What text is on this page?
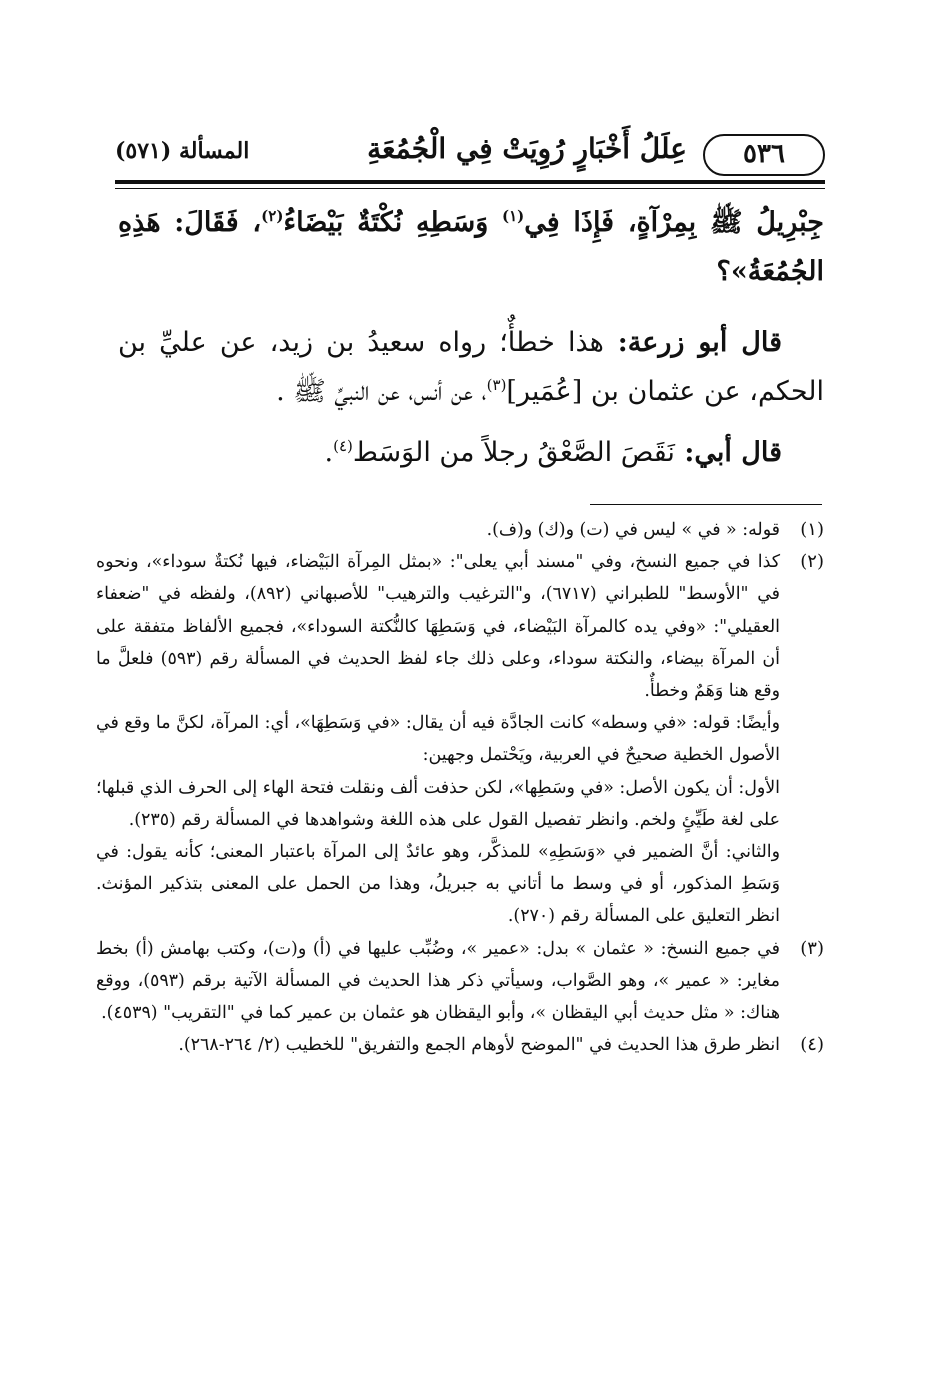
٥٣٦
عِلَلُ أَخْبَارٍ رُوِيَتْ فِي الْجُمُعَةِ
المسألة (٥٧١)

جِبْرِيلُ ﷺ بِمِرْآةٍ، فَإِذَا فِي$^{(١)}$ وَسَطِهِ نُكْتَةٌ بَيْضَاءُ$^{(٢)}$، فَقَالَ: هَذِهِ الجُمُعَةُ»؟

قال أبو زرعة: هذا خطأٌ؛ رواه سعيدُ بن زيد، عن عليِّ بن الحكم، عن عثمان بن [عُمَير]$^{(٣)}$، عن أنس، عن النبيِّ ﷺ .

قال أبي: نَقَصَ الصَّعْقُ رجلاً من الوَسَط$^{(٤)}$.

(١)

قوله: « في » ليس في (ت) و(ك) و(ف).

(٢)

كذا في جميع النسخ، وفي "مسند أبي يعلى": «بمثل المِرآة البَيْضاء، فيها نُكتةٌ سوداء»، ونحوه في "الأوسط" للطبراني (٦٧١٧)، و"الترغيب والترهيب" للأصبهاني (٨٩٢)، ولفظه في "ضعفاء العقيلي": «وفي يده كالمرآة البَيْضاء، في وَسَطِهَا كالنُّكتة السوداء»، فجميع الألفاظ متفقة على أن المرآة بيضاء، والنكتة سوداء، وعلى ذلك جاء لفظ الحديث في المسألة رقم (٥٩٣) فلعلَّ ما وقع هنا وَهَمٌ وخطأٌ.

وأيضًا: قوله: «في وسطه» كانت الجادَّة فيه أن يقال: «في وَسَطِهَا»، أي: المرآة، لكنَّ ما وقع في الأصول الخطية صحيحٌ في العربية، ويَحْتمل وجهين:

الأول: أن يكون الأصل: «في وسَطِها»، لكن حذفت ألف ونقلت فتحة الهاء إلى الحرف الذي قبلها؛ على لغة طَيِّئٍ ولخم. وانظر تفصيل القول على هذه اللغة وشواهدها في المسألة رقم (٢٣٥).

والثاني: أنَّ الضمير في «وَسَطِهِ» للمذكَّر، وهو عائدٌ إلى المرآة باعتبار المعنى؛ كأنه يقول: في وَسَطِ المذكور، أو في وسط ما أتاني به جبريلُ، وهذا من الحمل على المعنى بتذكير المؤنث. انظر التعليق على المسألة رقم (٢٧٠).

(٣)

في جميع النسخ: « عثمان » بدل: «عمير »، وضُبِّب عليها في (أ) و(ت)، وكتب بهامش (أ) بخط مغاير: « عمير »، وهو الصَّواب، وسيأتي ذكر هذا الحديث في المسألة الآتية برقم (٥٩٣)، ووقع هناك: « مثل حديث أبي اليقظان »، وأبو اليقظان هو عثمان بن عمير كما في "التقريب" (٤٥٣٩).

(٤)

انظر طرق هذا الحديث في "الموضح لأوهام الجمع والتفريق" للخطيب (٢/ ٢٦٤-٢٦٨).
